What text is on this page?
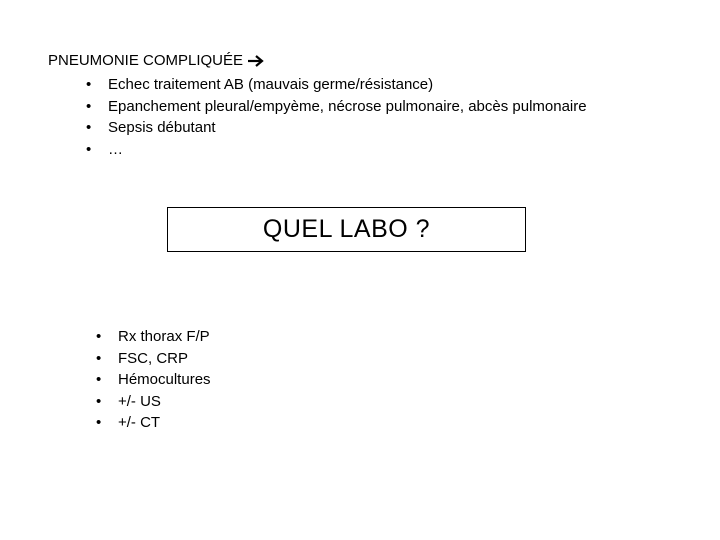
PNEUMONIE COMPLIQUÉE
• Echec traitement AB (mauvais germe/résistance)
• Epanchement pleural/empyème, nécrose pulmonaire, abcès pulmonaire
• Sepsis débutant
• …
QUEL LABO ?
• Rx thorax F/P
• FSC, CRP
• Hémocultures
• +/- US
• +/- CT
